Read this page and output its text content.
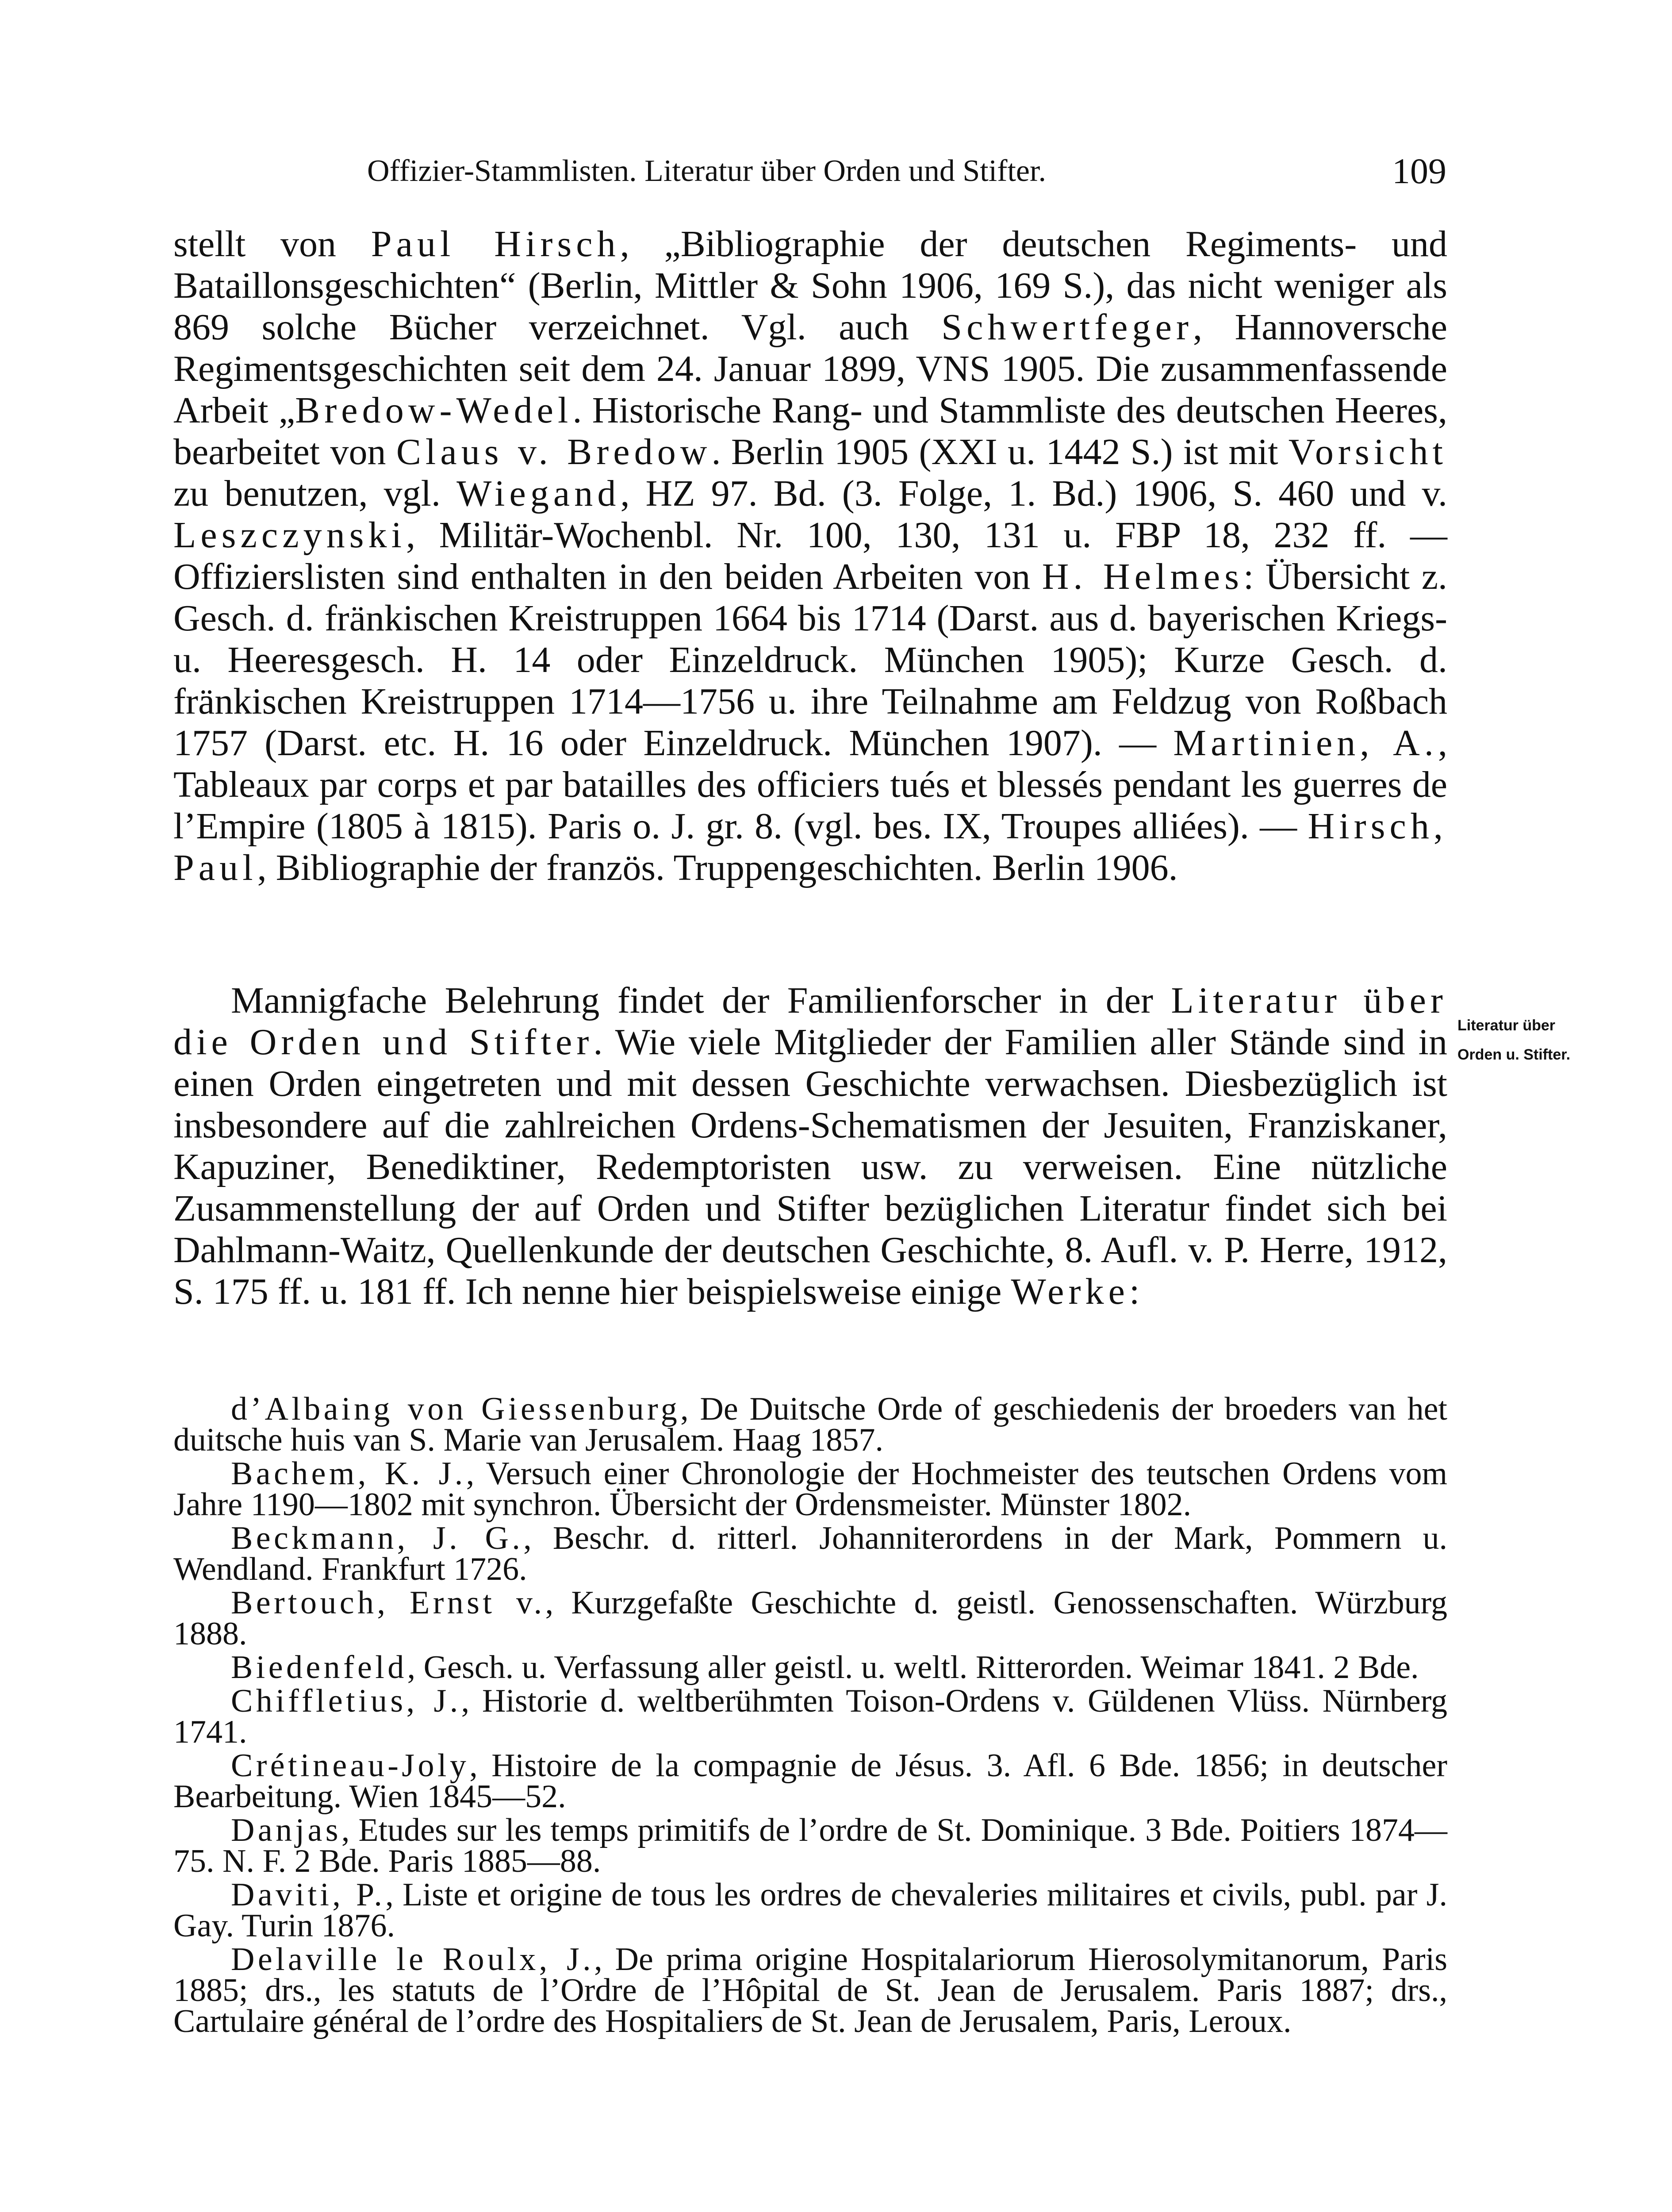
Offizier-Stammlisten. Literatur über Orden und Stifter.	109

stellt von Paul Hirsch, „Bibliographie der deutschen Regiments- und Bataillonsgeschichten“ (Berlin, Mittler & Sohn 1906, 169 S.), das nicht weniger als 869 solche Bücher verzeichnet. Vgl. auch Schwertfeger, Hannoversche Regimentsgeschichten seit dem 24. Januar 1899, VNS 1905. Die zusammenfassende Arbeit „Bredow-Wedel. Historische Rang- und Stammliste des deutschen Heeres, bearbeitet von Claus v. Bredow. Berlin 1905 (XXI u. 1442 S.) ist mit Vorsicht zu benutzen, vgl. Wiegand, HZ 97. Bd. (3. Folge, 1. Bd.) 1906, S. 460 und v. Leszczynski, Militär-Wochenbl. Nr. 100, 130, 131 u. FBP 18, 232 ff. — Offizierslisten sind enthalten in den beiden Arbeiten von H. Helmes: Übersicht z. Gesch. d. fränkischen Kreistruppen 1664 bis 1714 (Darst. aus d. bayerischen Kriegs- u. Heeresgesch. H. 14 oder Einzeldruck. München 1905); Kurze Gesch. d. fränkischen Kreistruppen 1714—1756 u. ihre Teilnahme am Feldzug von Roßbach 1757 (Darst. etc. H. 16 oder Einzeldruck. München 1907). — Martinien, A., Tableaux par corps et par batailles des officiers tués et blessés pendant les guerres de l’Empire (1805 à 1815). Paris o. J. gr. 8. (vgl. bes. IX, Troupes alliées). — Hirsch, Paul, Bibliographie der französ. Truppengeschichten. Berlin 1906.

Mannigfache Belehrung findet der Familienforscher in der Literatur über die Orden und Stifter. Wie viele Mitglieder der Familien aller Stände sind in einen Orden eingetreten und mit dessen Geschichte verwachsen. Diesbezüglich ist insbesondere auf die zahlreichen Ordens-Schematismen der Jesuiten, Franziskaner, Kapuziner, Benediktiner, Redemptoristen usw. zu verweisen. Eine nützliche Zusammenstellung der auf Orden und Stifter bezüglichen Literatur findet sich bei Dahlmann-Waitz, Quellenkunde der deutschen Geschichte, 8. Aufl. v. P. Herre, 1912, S. 175 ff. u. 181 ff. Ich nenne hier beispielsweise einige Werke:

Literatur über
Orden u. Stifter.

d’Albaing von Giessenburg, De Duitsche Orde of geschiedenis der broeders van het duitsche huis van S. Marie van Jerusalem. Haag 1857.

Bachem, K. J., Versuch einer Chronologie der Hochmeister des teutschen Ordens vom Jahre 1190—1802 mit synchron. Übersicht der Ordensmeister. Münster 1802.

Beckmann, J. G., Beschr. d. ritterl. Johanniterordens in der Mark, Pommern u. Wendland. Frankfurt 1726.

Bertouch, Ernst v., Kurzgefaßte Geschichte d. geistl. Genossenschaften. Würzburg 1888.

Biedenfeld, Gesch. u. Verfassung aller geistl. u. weltl. Ritterorden. Weimar 1841. 2 Bde.

Chiffletius, J., Historie d. weltberühmten Toison-Ordens v. Güldenen Vlüss. Nürnberg 1741.

Crétineau-Joly, Histoire de la compagnie de Jésus. 3. Afl. 6 Bde. 1856; in deutscher Bearbeitung. Wien 1845—52.

Danjas, Etudes sur les temps primitifs de l’ordre de St. Dominique. 3 Bde. Poitiers 1874—75. N. F. 2 Bde. Paris 1885—88.

Daviti, P., Liste et origine de tous les ordres de chevaleries militaires et civils, publ. par J. Gay. Turin 1876.

Delaville le Roulx, J., De prima origine Hospitalariorum Hierosolymitanorum, Paris 1885; drs., les statuts de l’Ordre de l’Hôpital de St. Jean de Jerusalem. Paris 1887; drs., Cartulaire général de l’ordre des Hospitaliers de St. Jean de Jerusalem, Paris, Leroux.
